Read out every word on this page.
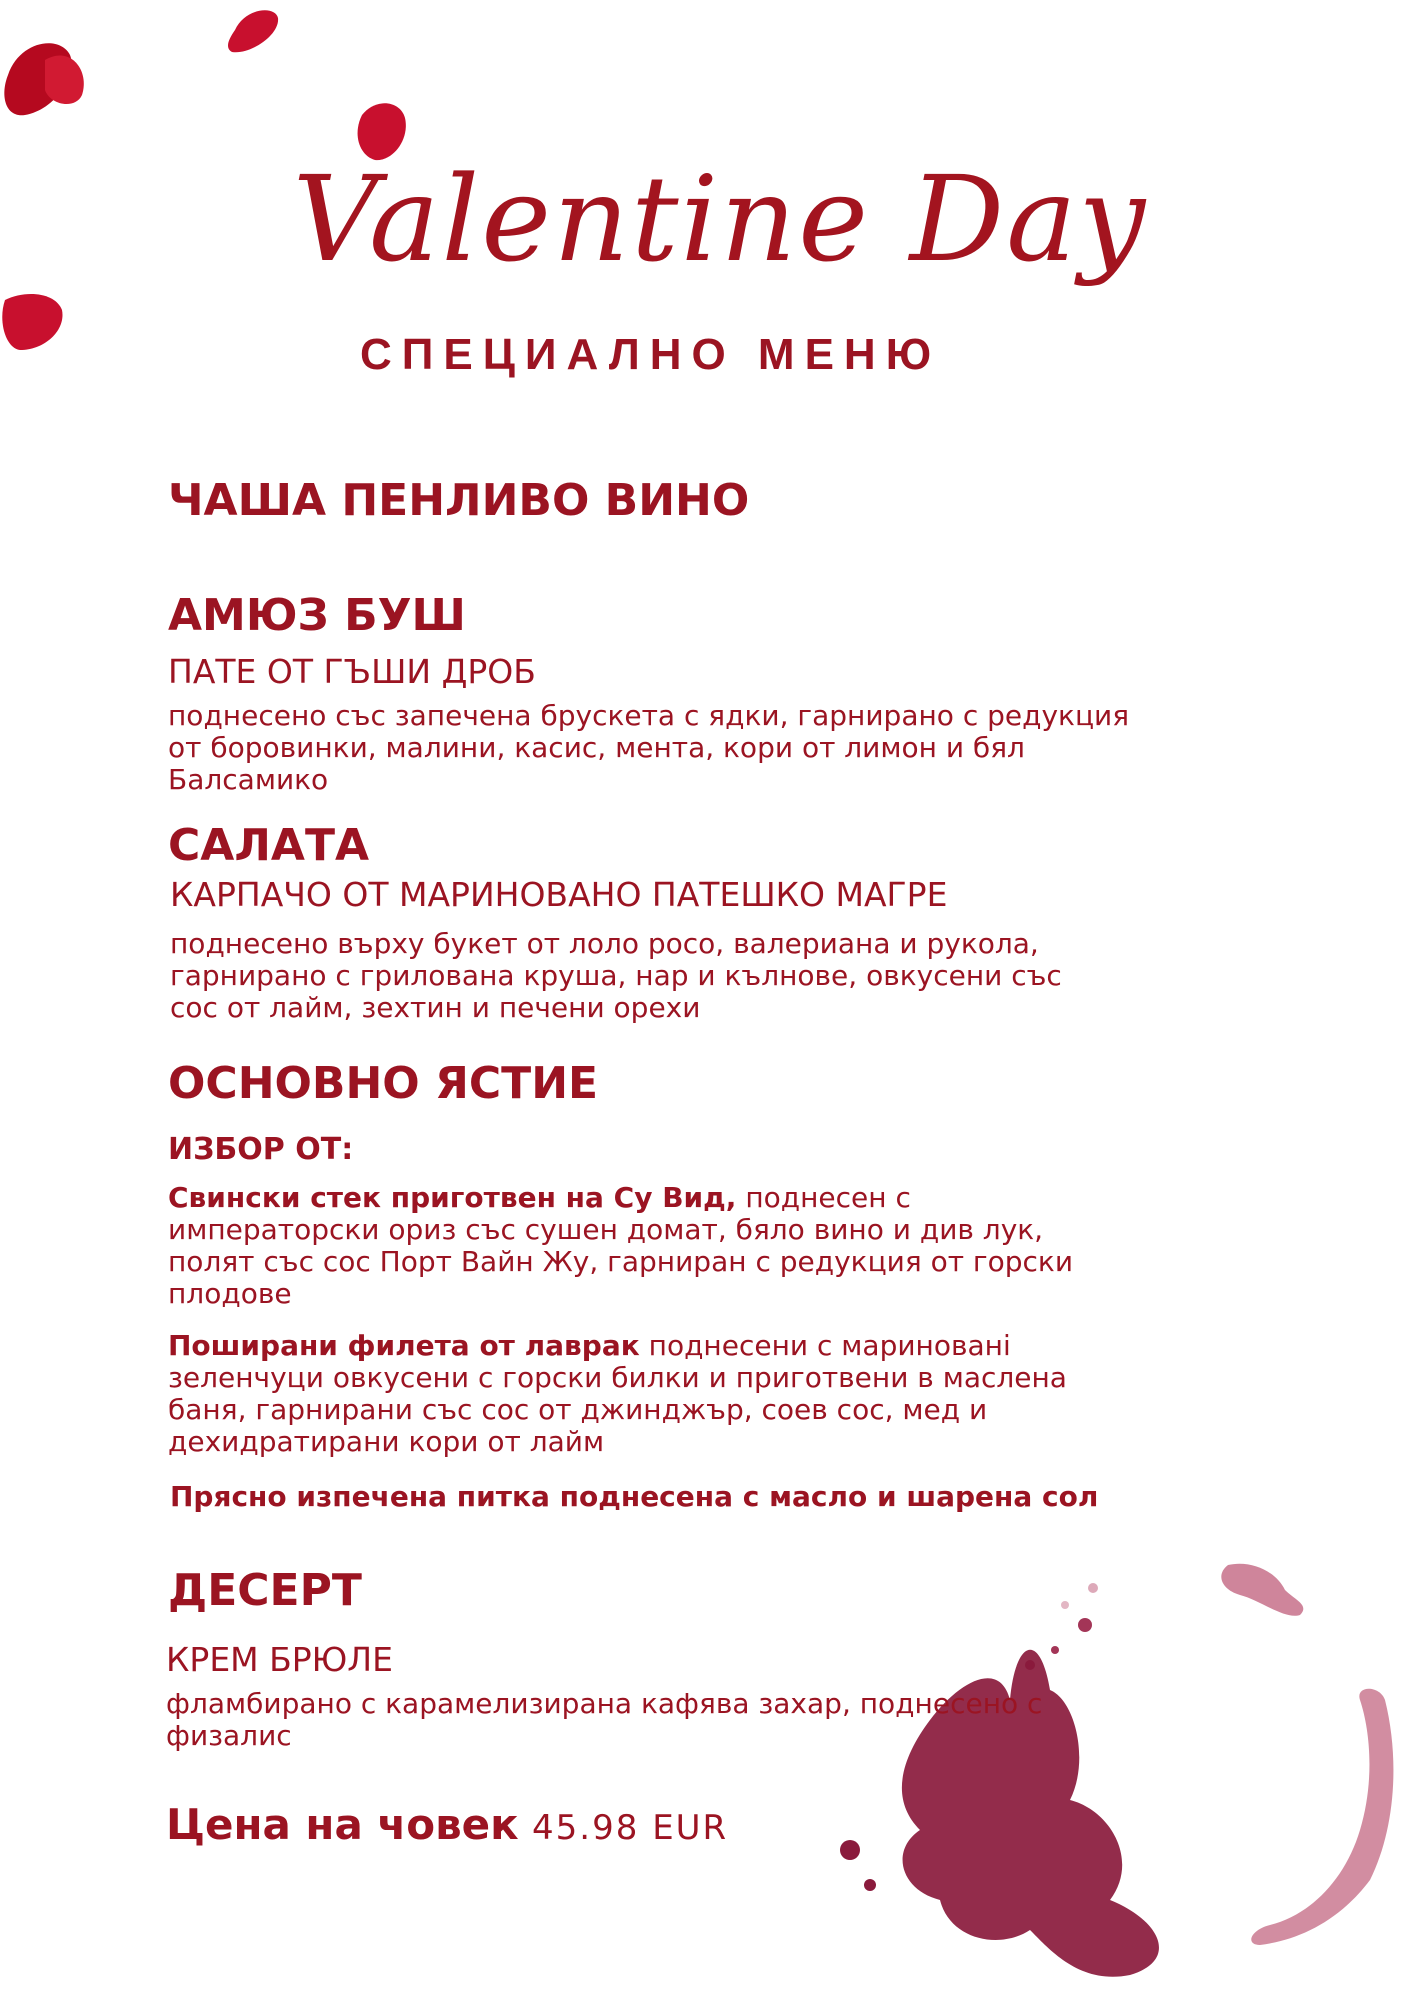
Valentine Day
СПЕЦИАЛНО МЕНЮ
ЧАША ПЕНЛИВО ВИНО
АМЮЗ БУШ
ПАТЕ ОТ ГЪШИ ДРОБ
поднесено със запечена брускета с ядки, гарнирано с редукция
от боровинки, малини, касис, мента, кори от лимон и бял
Балсамико
САЛАТА
КАРПАЧО ОТ МАРИНОВАНО ПАТЕШКО МАГРЕ
поднесено върху букет от лоло росо, валериана и рукола,
гарнирано с грилована круша, нар и кълнове, овкусени със
сос от лайм, зехтин и печени орехи
ОСНОВНО ЯСТИЕ
ИЗБОР ОТ:
Свински стек приготвен на Су Вид, поднесен с
императорски ориз със сушен домат, бяло вино и див лук,
полят със сос Порт Вайн Жу, гарниран с редукция от горски
плодове
Поширани филета от лаврак поднесени с маринованi
зеленчуци овкусени с горски билки и приготвени в маслена
баня, гарнирани със сос от джинджър, соев сос, мед и
дехидратирани кори от лайм
Прясно изпечена питка поднесена с масло и шарена сол
ДЕСЕРТ
КРЕМ БРЮЛЕ
фламбирано с карамелизирана кафява захар, поднесено с
физалис
Цена на човек 45.98 EUR
